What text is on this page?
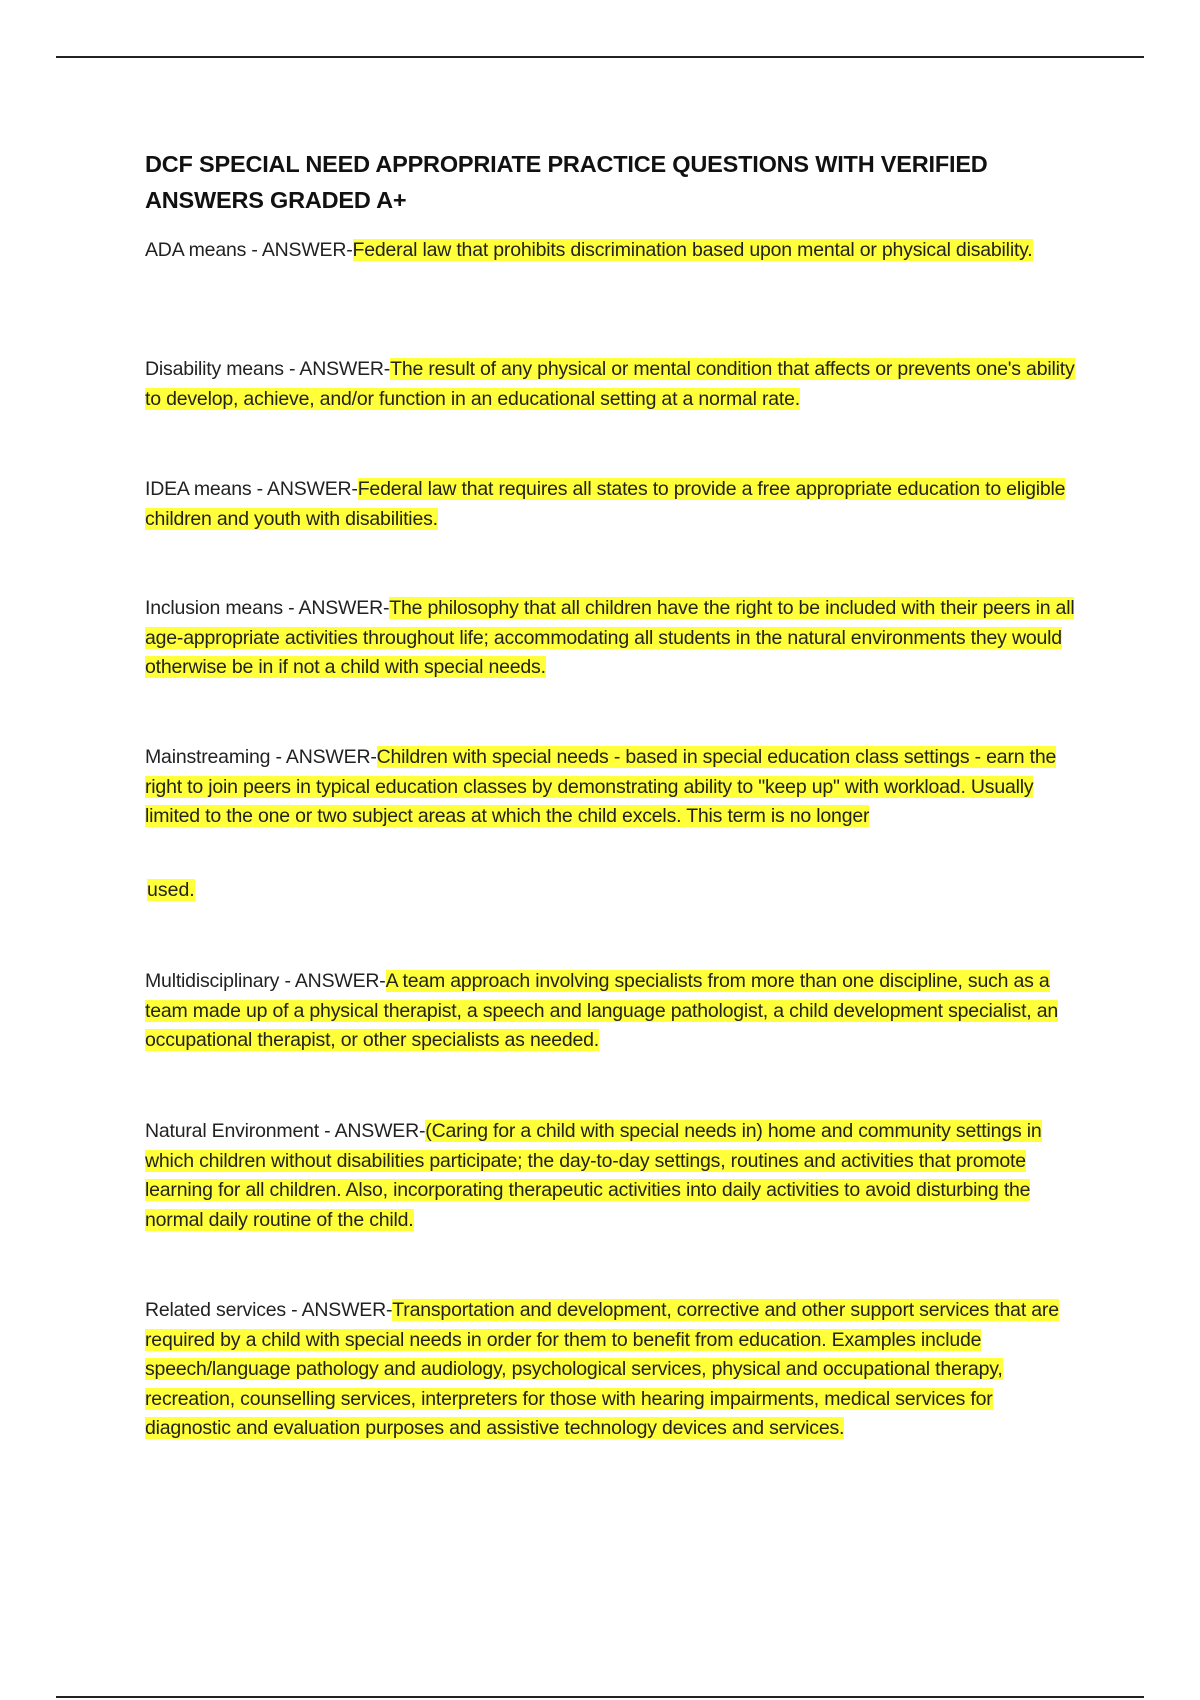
DCF SPECIAL NEED APPROPRIATE PRACTICE QUESTIONS WITH VERIFIED ANSWERS GRADED A+

ADA means - ANSWER-Federal law that prohibits discrimination based upon mental or physical disability.

Disability means - ANSWER-The result of any physical or mental condition that affects or prevents one's ability to develop, achieve, and/or function in an educational setting at a normal rate.

IDEA means - ANSWER-Federal law that requires all states to provide a free appropriate education to eligible children and youth with disabilities.

Inclusion means - ANSWER-The philosophy that all children have the right to be included with their peers in all age-appropriate activities throughout life; accommodating all students in the natural environments they would otherwise be in if not a child with special needs.

Mainstreaming - ANSWER-Children with special needs - based in special education class settings - earn the right to join peers in typical education classes by demonstrating ability to "keep up" with workload. Usually limited to the one or two subject areas at which the child excels. This term is no longer

used.

Multidisciplinary - ANSWER-A team approach involving specialists from more than one discipline, such as a team made up of a physical therapist, a speech and language pathologist, a child development specialist, an occupational therapist, or other specialists as needed.

Natural Environment - ANSWER-(Caring for a child with special needs in) home and community settings in which children without disabilities participate; the day-to-day settings, routines and activities that promote learning for all children. Also, incorporating therapeutic activities into daily activities to avoid disturbing the normal daily routine of the child.

Related services - ANSWER-Transportation and development, corrective and other support services that are required by a child with special needs in order for them to benefit from education. Examples include speech/language pathology and audiology, psychological services, physical and occupational therapy, recreation, counselling services, interpreters for those with hearing impairments, medical services for diagnostic and evaluation purposes and assistive technology devices and services.
